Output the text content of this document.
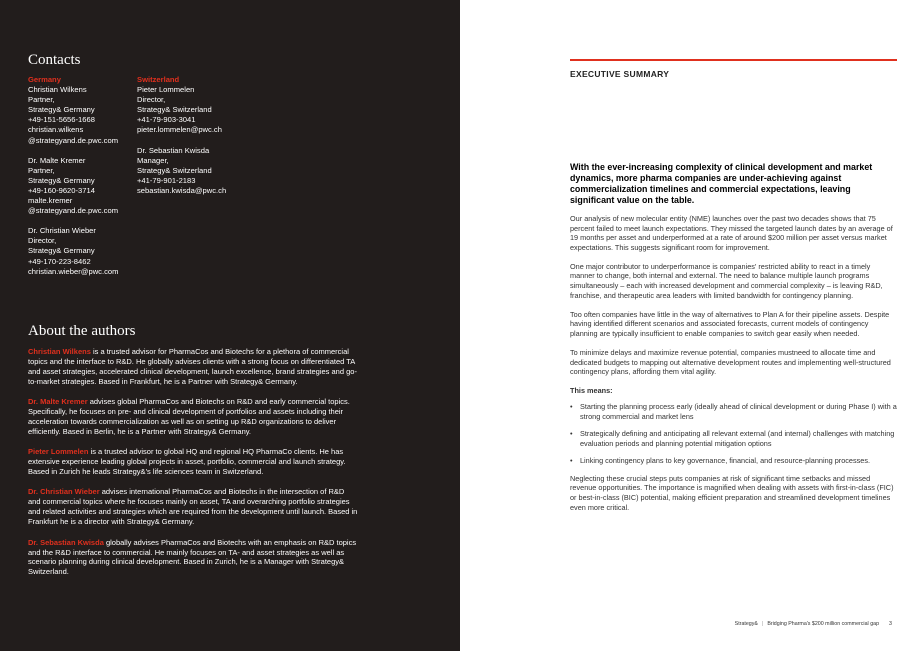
Contacts
Germany
Christian Wilkens
Partner,
Strategy& Germany
+49-151-5656-1668
christian.wilkens
@strategyand.de.pwc.com
Dr. Malte Kremer
Partner,
Strategy& Germany
+49-160-9620-3714
malte.kremer
@strategyand.de.pwc.com
Dr. Christian Wieber
Director,
Strategy& Germany
+49-170-223-8462
christian.wieber@pwc.com
Switzerland
Pieter Lommelen
Director,
Strategy& Switzerland
+41-79-903-3041
pieter.lommelen@pwc.ch
Dr. Sebastian Kwisda
Manager,
Strategy& Switzerland
+41-79-901-2183
sebastian.kwisda@pwc.ch
About the authors

Christian Wilkens is a trusted advisor for PharmaCos and Biotechs for a plethora of commercial topics and the interface to R&D. He globally advises clients with a strong focus on differentiated TA and asset strategies, accelerated clinical development, launch excellence, brand strategies and go-to-market strategies. Based in Frankfurt, he is a Partner with Strategy& Germany.

Dr. Malte Kremer advises global PharmaCos and Biotechs on R&D and early commercial topics. Specifically, he focuses on pre- and clinical development of portfolios and assets including their acceleration towards commercialization as well as on setting up R&D organizations to deliver efficiently. Based in Berlin, he is a Partner with Strategy& Germany.

Pieter Lommelen is a trusted advisor to global HQ and regional HQ PharmaCo clients. He has extensive experience leading global projects in asset, portfolio, commercial and launch strategy. Based in Zurich he leads Strategy&'s life sciences team in Switzerland.

Dr. Christian Wieber advises international PharmaCos and Biotechs in the intersection of R&D and commercial topics where he focuses mainly on asset, TA and overarching portfolio strategies and related activities and strategies which are required from the development until launch. Based in Frankfurt he is a director with Strategy& Germany.

Dr. Sebastian Kwisda globally advises PharmaCos and Biotechs with an emphasis on R&D topics and the R&D interface to commercial. He mainly focuses on TA- and asset strategies as well as scenario planning during clinical development. Based in Zurich, he is a Manager with Strategy& Switzerland.

EXECUTIVE SUMMARY

With the ever-increasing complexity of clinical development and market dynamics, more pharma companies are under-achieving against commercialization timelines and commercial expectations, leaving significant value on the table.

Our analysis of new molecular entity (NME) launches over the past two decades shows that 75 percent failed to meet launch expectations. They missed the targeted launch dates by an average of 19 months per asset and underperformed at a rate of around $200 million per asset versus market expectations. This suggests significant room for improvement.

One major contributor to underperformance is companies' restricted ability to react in a timely manner to change, both internal and external. The need to balance multiple launch programs simultaneously – each with increased development and commercial complexity – is leaving R&D, franchise, and therapeutic area leaders with limited bandwidth for contingency planning.

Too often companies have little in the way of alternatives to Plan A for their pipeline assets. Despite having identified different scenarios and associated forecasts, current models of contingency planning are typically insufficient to enable companies to switch gear easily when needed.

To minimize delays and maximize revenue potential, companies mustneed to allocate time and dedicated budgets to mapping out alternative development routes and implementing well-structured contingency plans, affording them vital agility.

This means:

• Starting the planning process early (ideally ahead of clinical development or during Phase I) with a strong commercial and market lens
• Strategically defining and anticipating all relevant external (and internal) challenges with matching evaluation periods and planning potential mitigation options
• Linking contingency plans to key governance, financial, and resource-planning processes.

Neglecting these crucial steps puts companies at risk of significant time setbacks and missed revenue opportunities. The importance is magnified when dealing with assets with first-in-class (FIC) or best-in-class (BIC) potential, making efficient preparation and streamlined development timelines even more critical.

Strategy& | Bridging Pharma's $200 million commercial gap 3
